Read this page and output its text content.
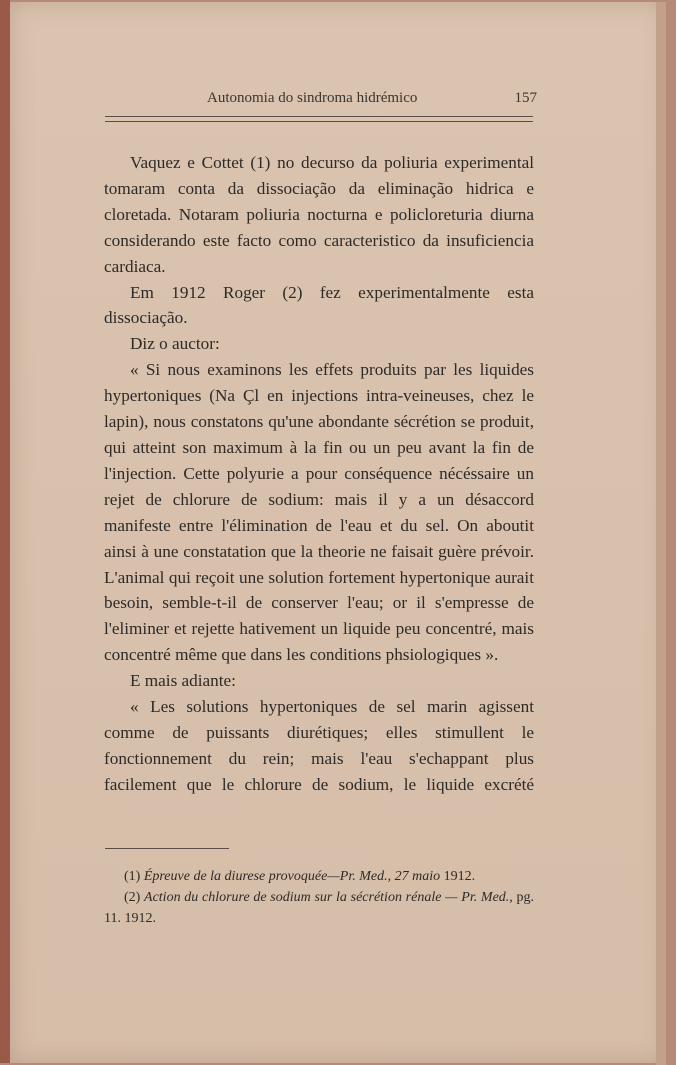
Autonomia do sindroma hidrémico	157

Vaquez e Cottet (1) no decurso da poliuria experimental tomaram conta da dissociação da eliminação hidrica e cloretada. Notaram poliuria nocturna e policloreturia diurna considerando este facto como caracteristico da insuficiencia cardiaca.

Em 1912 Roger (2) fez experimentalmente esta dissociação.

Diz o auctor:

« Si nous examinons les effets produits par les liquides hypertoniques (Na Çl en injections intra-veineuses, chez le lapin), nous constatons qu'une abondante sécrétion se produit, qui atteint son maximum à la fin ou un peu avant la fin de l'injection. Cette polyurie a pour conséquence nécéssaire un rejet de chlorure de sodium: mais il y a un désaccord manifeste entre l'élimination de l'eau et du sel. On aboutit ainsi à une constatation que la theorie ne faisait guère prévoir. L'animal qui reçoit une solution fortement hypertonique aurait besoin, semble-t-il de conserver l'eau; or il s'empresse de l'eliminer et rejette hativement un liquide peu concentré, mais concentré même que dans les conditions phsiologiques ».

E mais adiante:

« Les solutions hypertoniques de sel marin agissent comme de puissants diurétiques; elles stimullent le fonctionnement du rein; mais l'eau s'echappant plus facilement que le chlorure de sodium, le liquide excrété

(1) Épreuve de la diurese provoquée—Pr. Med., 27 maio 1912.

(2) Action du chlorure de sodium sur la sécrétion rénale — Pr. Med., pg. 11. 1912.
